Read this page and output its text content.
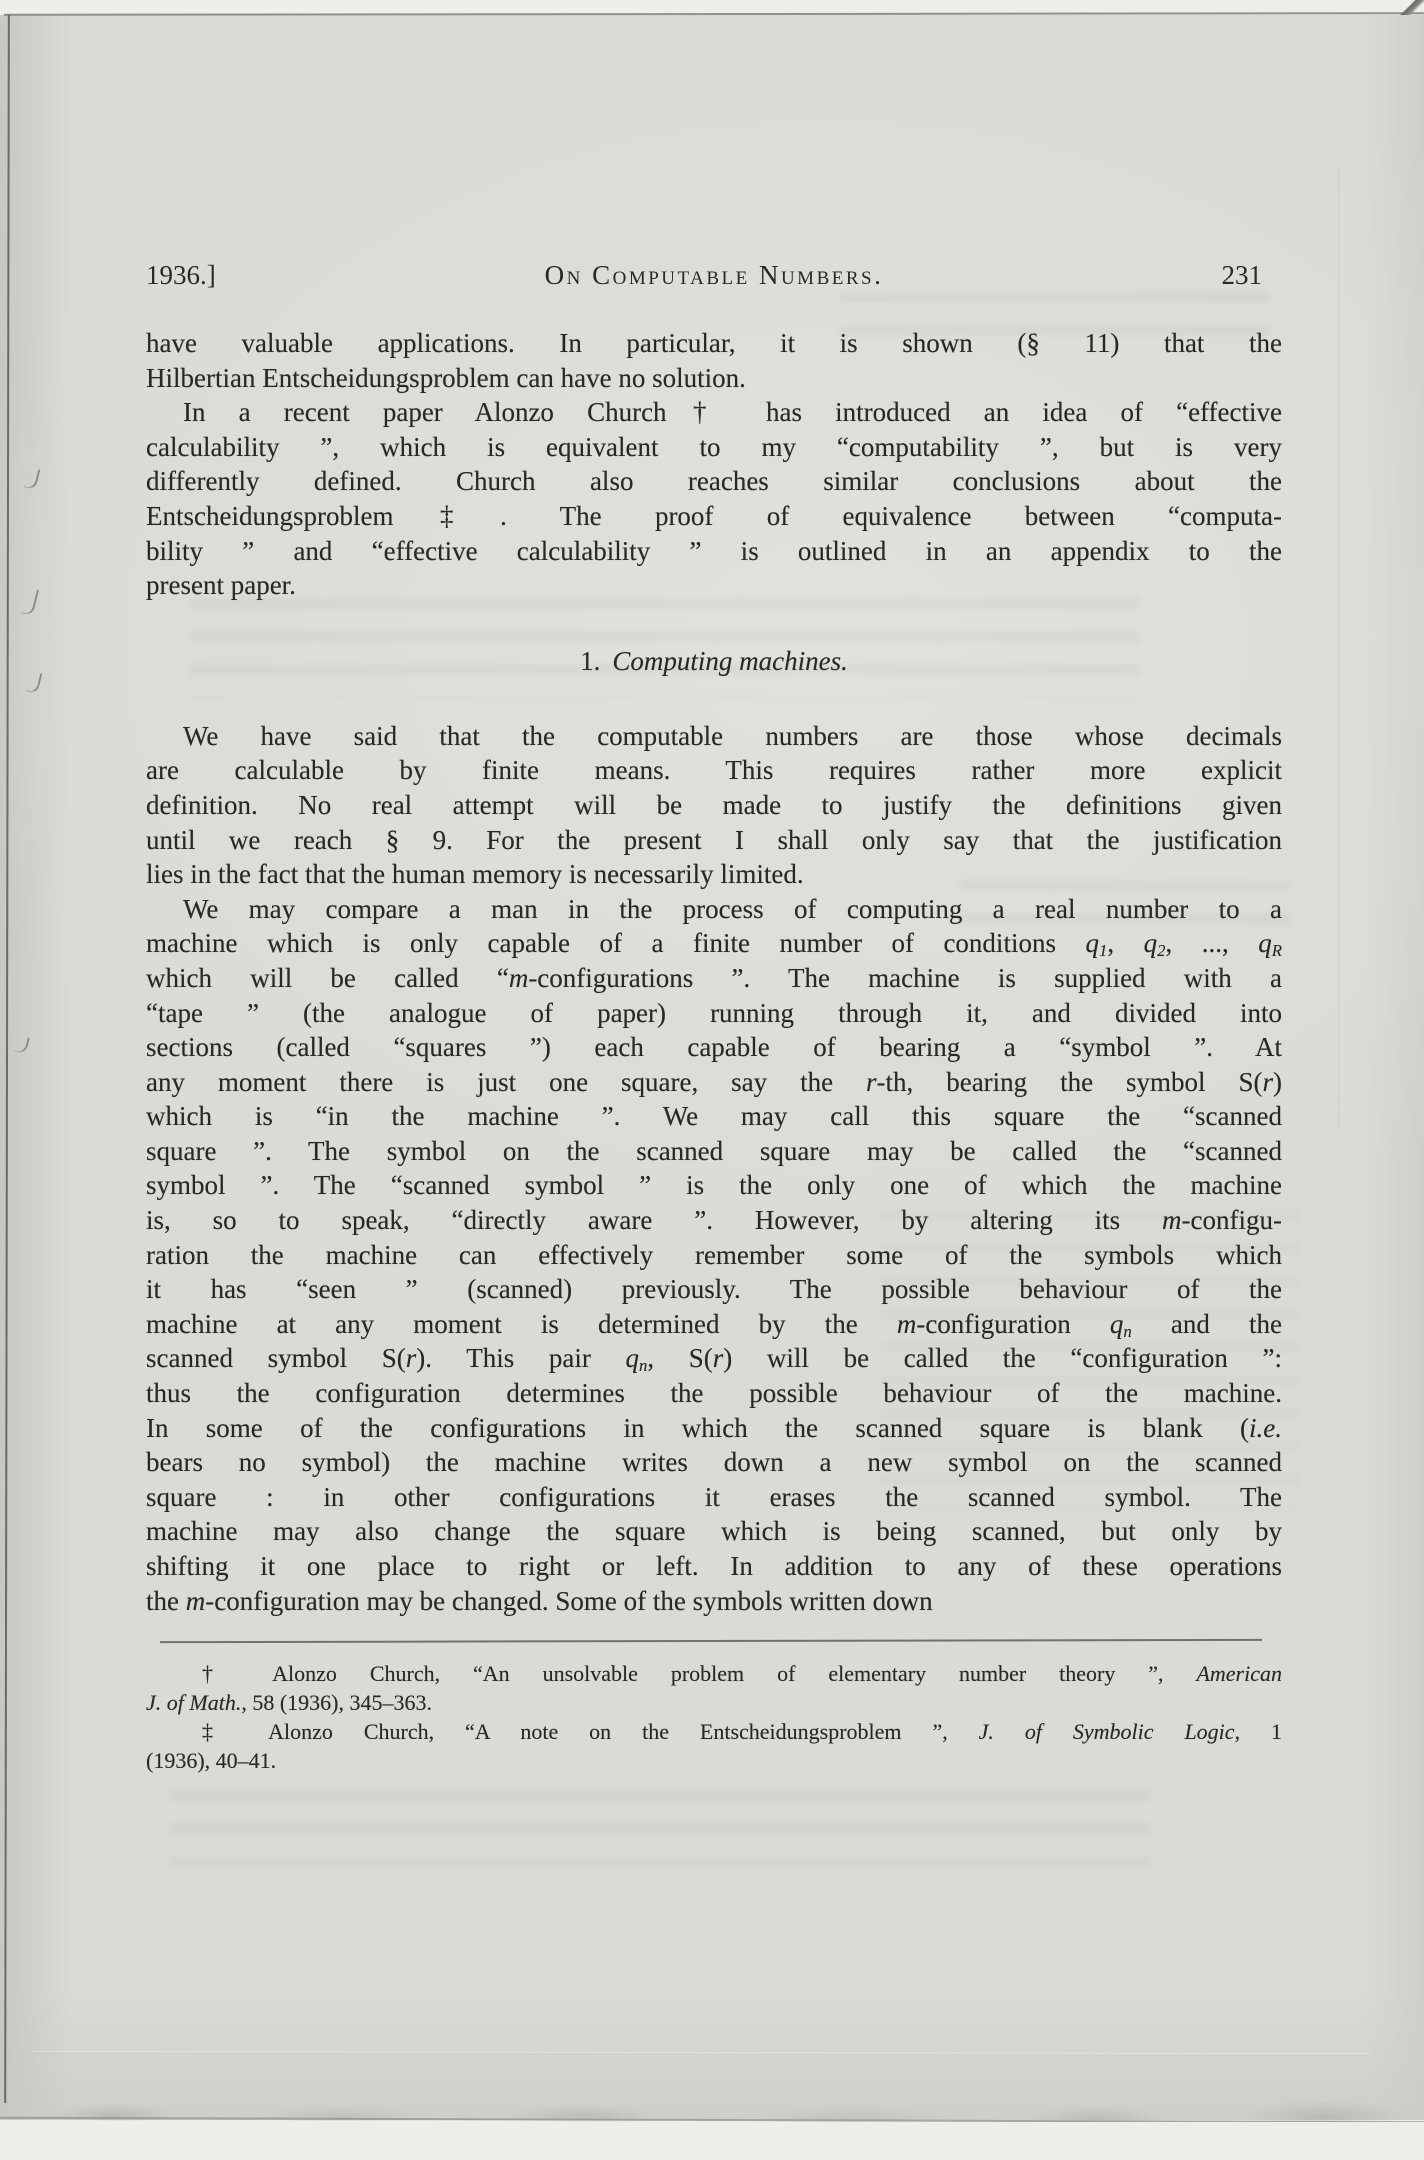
1936.]	On Computable Numbers.	231
have valuable applications. In particular, it is shown (§ 11) that the
Hilbertian Entscheidungsproblem can have no solution.
In a recent paper Alonzo Church† has introduced an idea of “effective
calculability ”, which is equivalent to my “computability ”, but is very
differently defined. Church also reaches similar conclusions about the
Entscheidungsproblem‡. The proof of equivalence between “computa-
bility ” and “effective calculability ” is outlined in an appendix to the
present paper.
1. Computing machines.
We have said that the computable numbers are those whose decimals
are calculable by finite means. This requires rather more explicit
definition. No real attempt will be made to justify the definitions given
until we reach § 9. For the present I shall only say that the justification
lies in the fact that the human memory is necessarily limited.
We may compare a man in the process of computing a real number to a
machine which is only capable of a finite number of conditions $q_1$, $q_2$, ..., $q_R$
which will be called “m-configurations ”. The machine is supplied with a
“tape ” (the analogue of paper) running through it, and divided into
sections (called “squares ”) each capable of bearing a “symbol ”. At
any moment there is just one square, say the r-th, bearing the symbol S(r)
which is “in the machine ”. We may call this square the “scanned
square ”. The symbol on the scanned square may be called the “scanned
symbol ”. The “scanned symbol ” is the only one of which the machine
is, so to speak, “directly aware ”. However, by altering its m-configu-
ration the machine can effectively remember some of the symbols which
it has “seen ” (scanned) previously. The possible behaviour of the
machine at any moment is determined by the m-configuration $q_n$ and the
scanned symbol S(r). This pair $q_n$, S(r) will be called the “configuration ”:
thus the configuration determines the possible behaviour of the machine.
In some of the configurations in which the scanned square is blank (i.e.
bears no symbol) the machine writes down a new symbol on the scanned
square : in other configurations it erases the scanned symbol. The
machine may also change the square which is being scanned, but only by
shifting it one place to right or left. In addition to any of these operations
the m-configuration may be changed. Some of the symbols written down
† Alonzo Church, “An unsolvable problem of elementary number theory ”, American
J. of Math., 58 (1936), 345–363.
‡ Alonzo Church, “A note on the Entscheidungsproblem ”, J. of Symbolic Logic, 1
(1936), 40–41.
